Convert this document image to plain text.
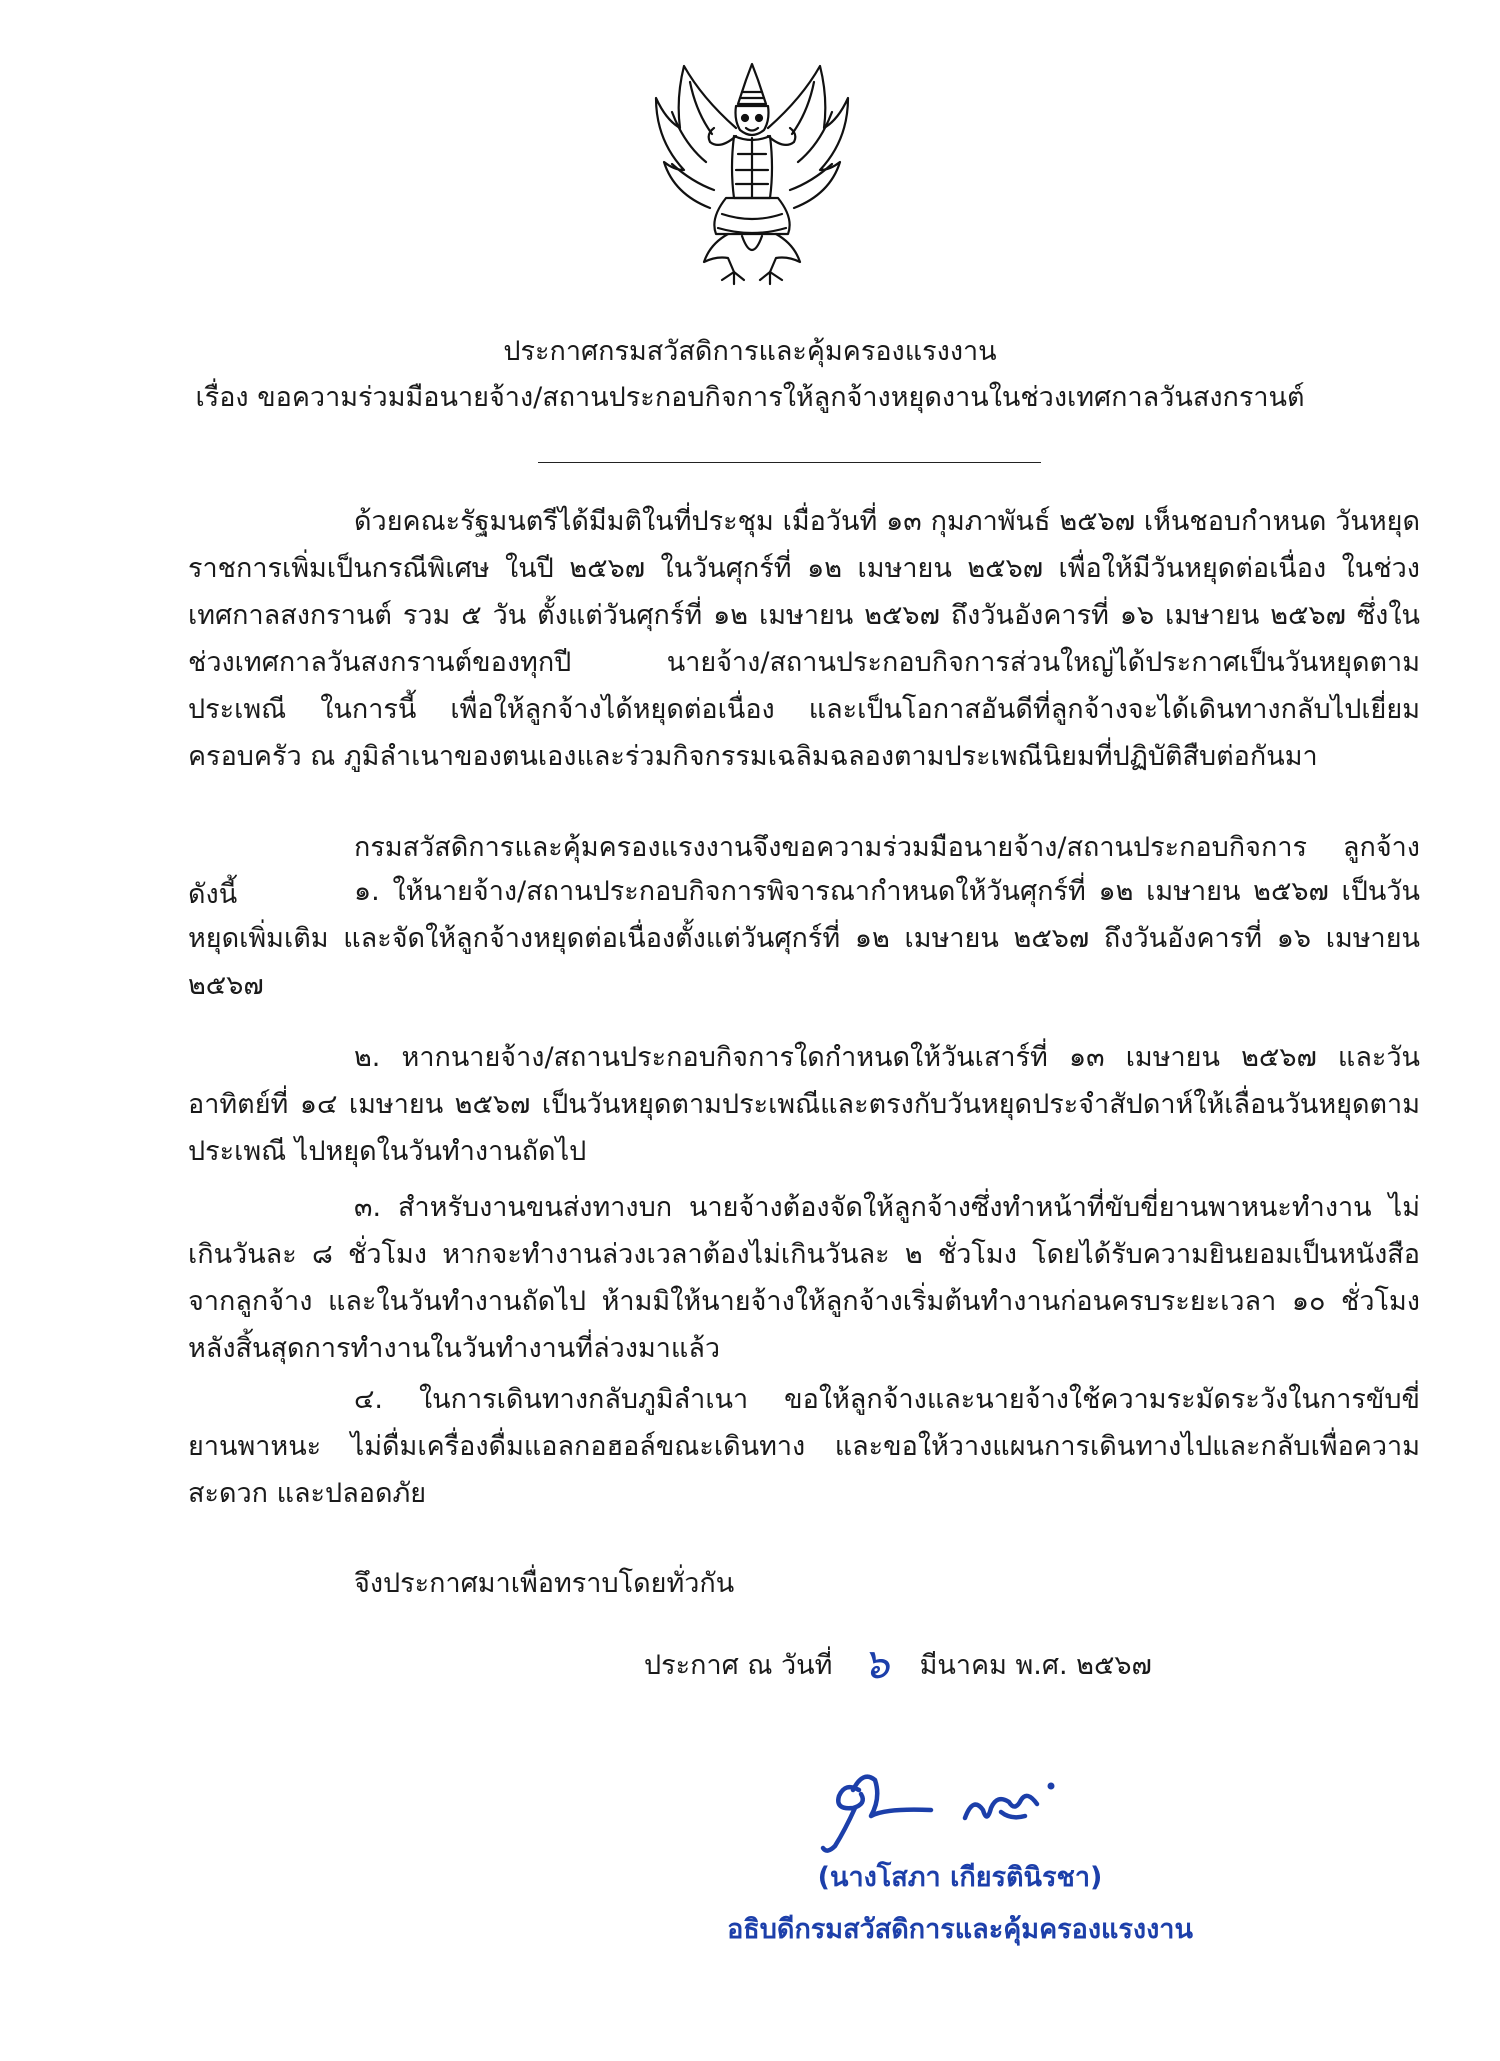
ประกาศกรมสวัสดิการและคุ้มครองแรงงาน
เรื่อง ขอความร่วมมือนายจ้าง/สถานประกอบกิจการให้ลูกจ้างหยุดงานในช่วงเทศกาลวันสงกรานต์

ด้วยคณะรัฐมนตรีได้มีมติในที่ประชุม เมื่อวันที่ ๑๓ กุมภาพันธ์ ๒๕๖๗ เห็นชอบกำหนด วันหยุดราชการเพิ่มเป็นกรณีพิเศษ ในปี ๒๕๖๗ ในวันศุกร์ที่ ๑๒ เมษายน ๒๕๖๗ เพื่อให้มีวันหยุดต่อเนื่อง ในช่วงเทศกาลสงกรานต์ รวม ๕ วัน ตั้งแต่วันศุกร์ที่ ๑๒ เมษายน ๒๕๖๗ ถึงวันอังคารที่ ๑๖ เมษายน ๒๕๖๗ ซึ่งในช่วงเทศกาลวันสงกรานต์ของทุกปี นายจ้าง/สถานประกอบกิจการส่วนใหญ่ได้ประกาศเป็นวันหยุดตามประเพณี ในการนี้ เพื่อให้ลูกจ้างได้หยุดต่อเนื่อง และเป็นโอกาสอันดีที่ลูกจ้างจะได้เดินทางกลับไปเยี่ยมครอบครัว ณ ภูมิลำเนาของตนเองและร่วมกิจกรรมเฉลิมฉลองตามประเพณีนิยมที่ปฏิบัติสืบต่อกันมา

กรมสวัสดิการและคุ้มครองแรงงานจึงขอความร่วมมือนายจ้าง/สถานประกอบกิจการ ลูกจ้าง ดังนี้	๑. ให้นายจ้าง/สถานประกอบกิจการพิจารณากำหนดให้วันศุกร์ที่ ๑๒ เมษายน ๒๕๖๗ เป็นวันหยุดเพิ่มเติม และจัดให้ลูกจ้างหยุดต่อเนื่องตั้งแต่วันศุกร์ที่ ๑๒ เมษายน ๒๕๖๗ ถึงวันอังคารที่ ๑๖ เมษายน ๒๕๖๗

๒. หากนายจ้าง/สถานประกอบกิจการใดกำหนดให้วันเสาร์ที่ ๑๓ เมษายน ๒๕๖๗ และวันอาทิตย์ที่ ๑๔ เมษายน ๒๕๖๗ เป็นวันหยุดตามประเพณีและตรงกับวันหยุดประจำสัปดาห์ให้เลื่อนวันหยุดตามประเพณี ไปหยุดในวันทำงานถัดไป

๓. สำหรับงานขนส่งทางบก นายจ้างต้องจัดให้ลูกจ้างซึ่งทำหน้าที่ขับขี่ยานพาหนะทำงาน ไม่เกินวันละ ๘ ชั่วโมง หากจะทำงานล่วงเวลาต้องไม่เกินวันละ ๒ ชั่วโมง โดยได้รับความยินยอมเป็นหนังสือ จากลูกจ้าง และในวันทำงานถัดไป ห้ามมิให้นายจ้างให้ลูกจ้างเริ่มต้นทำงานก่อนครบระยะเวลา ๑๐ ชั่วโมง หลังสิ้นสุดการทำงานในวันทำงานที่ล่วงมาแล้ว

๔. ในการเดินทางกลับภูมิลำเนา ขอให้ลูกจ้างและนายจ้างใช้ความระมัดระวังในการขับขี่ ยานพาหนะ ไม่ดื่มเครื่องดื่มแอลกอฮอล์ขณะเดินทาง และขอให้วางแผนการเดินทางไปและกลับเพื่อความสะดวก และปลอดภัย

จึงประกาศมาเพื่อทราบโดยทั่วกัน

ประกาศ ณ วันที่ ๖ มีนาคม พ.ศ. ๒๕๖๗
(นางโสภา เกียรตินิรชา)
อธิบดีกรมสวัสดิการและคุ้มครองแรงงาน
